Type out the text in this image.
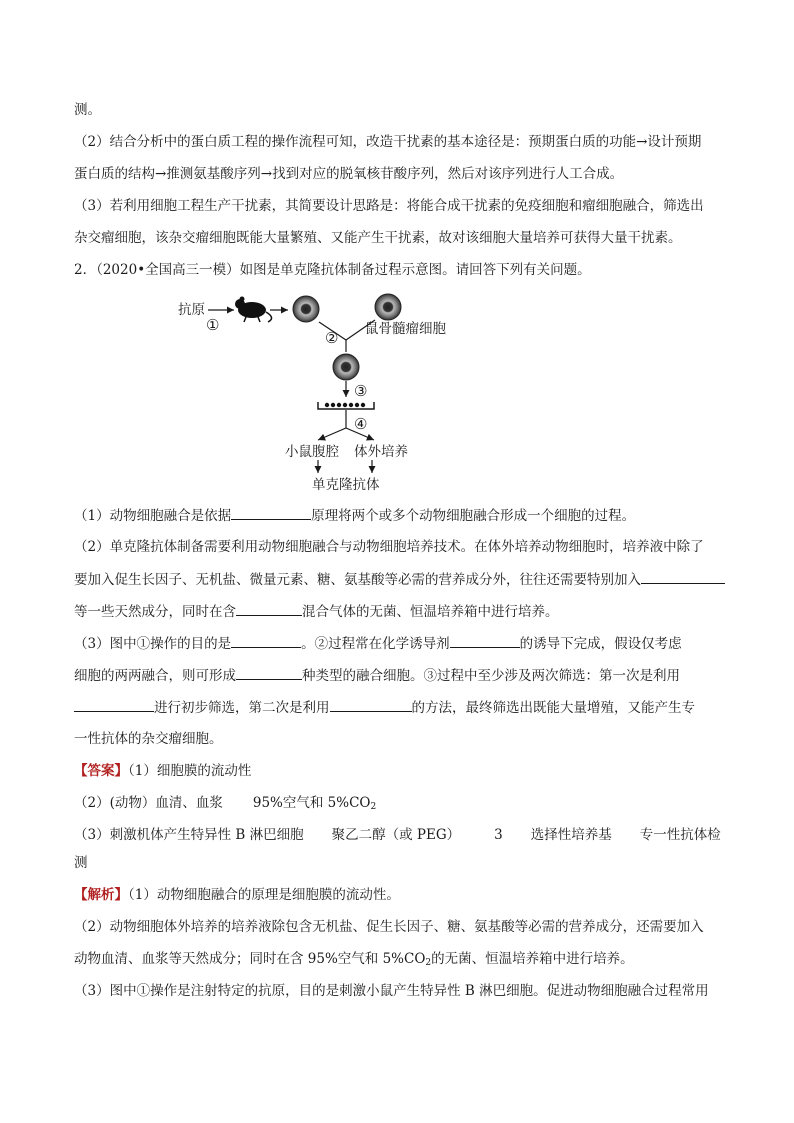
测。
（2）结合分析中的蛋白质工程的操作流程可知，改造干扰素的基本途径是：预期蛋白质的功能→设计预期
蛋白质的结构→推测氨基酸序列→找到对应的脱氧核苷酸序列，然后对该序列进行人工合成。
（3）若利用细胞工程生产干扰素，其简要设计思路是：将能合成干扰素的免疫细胞和瘤细胞融合，筛选出
杂交瘤细胞，该杂交瘤细胞既能大量繁殖、又能产生干扰素，故对该细胞大量培养可获得大量干扰素。
2．（2020•全国高三一模）如图是单克隆抗体制备过程示意图。请回答下列有关问题。
抗原
①
② 鼠骨髓瘤细胞
③
④
小鼠腹腔 体外培养
单克隆抗体
（1）动物细胞融合是依据	原理将两个或多个动物细胞融合形成一个细胞的过程。
（2）单克隆抗体制备需要利用动物细胞融合与动物细胞培养技术。在体外培养动物细胞时，培养液中除了
要加入促生长因子、无机盐、微量元素、糖、氨基酸等必需的营养成分外，往往还需要特别加入
等一些天然成分，同时在含	混合气体的无菌、恒温培养箱中进行培养。
（3）图中①操作的目的是	。②过程常在化学诱导剂	的诱导下完成，假设仅考虑
细胞的两两融合，则可形成	种类型的融合细胞。③过程中至少涉及两次筛选：第一次是利用
进行初步筛选，第二次是利用	的方法，最终筛选出既能大量增殖，又能产生专
一性抗体的杂交瘤细胞。
【答案】（1）细胞膜的流动性
（2）(动物）血清、血浆 95%空气和 $5\%CO_2$
（3）刺激机体产生特异性 B 淋巴细胞 聚乙二醇（或 PEG）	3 选择性培养基 专一性抗体检
测
【解析】（1）动物细胞融合的原理是细胞膜的流动性。
（2）动物细胞体外培养的培养液除包含无机盐、促生长因子、糖、氨基酸等必需的营养成分，还需要加入
动物血清、血浆等天然成分；同时在含 95%空气和 $5\%CO_2$的无菌、恒温培养箱中进行培养。
（3）图中①操作是注射特定的抗原，目的是刺激小鼠产生特异性 B 淋巴细胞。促进动物细胞融合过程常用
